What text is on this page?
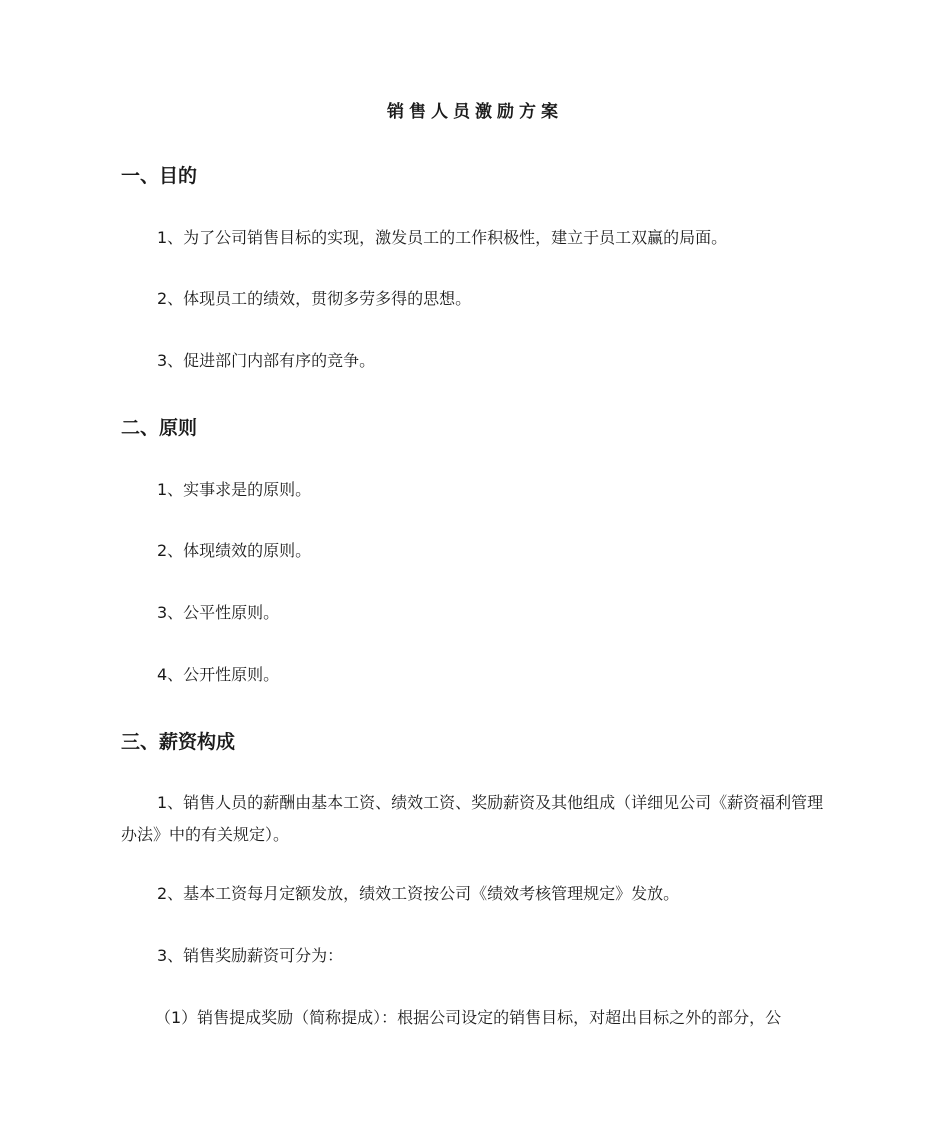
销售人员激励方案
一、目的
1、为了公司销售目标的实现，激发员工的工作积极性，建立于员工双赢的局面。
2、体现员工的绩效，贯彻多劳多得的思想。
3、促进部门内部有序的竞争。
二、原则
1、实事求是的原则。
2、体现绩效的原则。
3、公平性原则。
4、公开性原则。
三、薪资构成
1、销售人员的薪酬由基本工资、绩效工资、奖励薪资及其他组成（详细见公司《薪资福利管理办法》中的有关规定）。
2、基本工资每月定额发放，绩效工资按公司《绩效考核管理规定》发放。
3、销售奖励薪资可分为：
（1）销售提成奖励（简称提成）：根据公司设定的销售目标，对超出目标之外的部分，公
